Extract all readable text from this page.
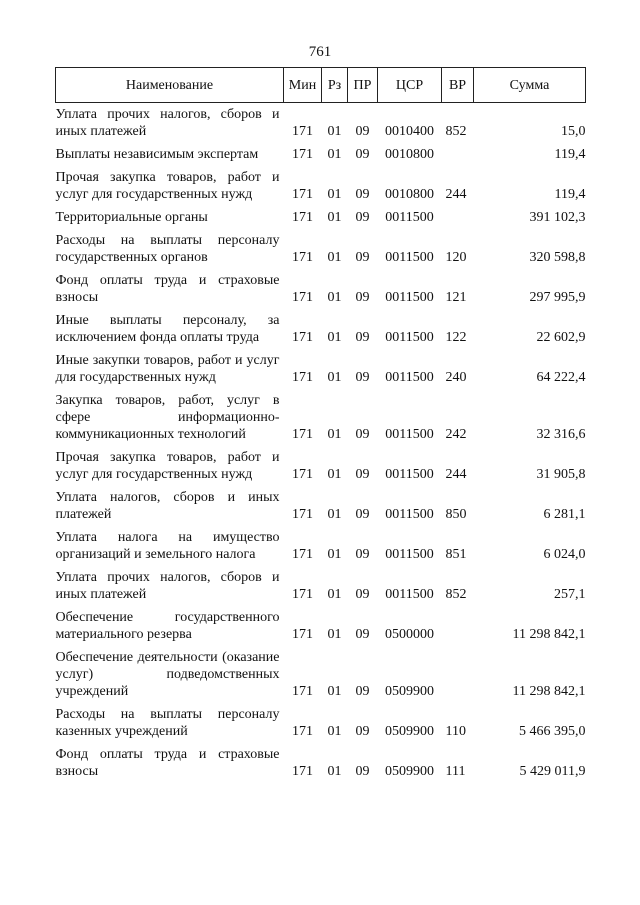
761
Наименование	Мин	Рз	ПР	ЦСР	ВР	Сумма
Уплата прочих налогов, сборов и иных платежей	171	01	09	0010400	852	15,0
Выплаты независимым экспертам	171	01	09	0010800		119,4
Прочая закупка товаров, работ и услуг для государственных нужд	171	01	09	0010800	244	119,4
Территориальные органы	171	01	09	0011500		391 102,3
Расходы на выплаты персоналу государственных органов	171	01	09	0011500	120	320 598,8
Фонд оплаты труда и страховые взносы	171	01	09	0011500	121	297 995,9
Иные выплаты персоналу, за исключением фонда оплаты труда	171	01	09	0011500	122	22 602,9
Иные закупки товаров, работ и услуг для государственных нужд	171	01	09	0011500	240	64 222,4
Закупка товаров, работ, услуг в сфере информационно-коммуникационных технологий	171	01	09	0011500	242	32 316,6
Прочая закупка товаров, работ и услуг для государственных нужд	171	01	09	0011500	244	31 905,8
Уплата налогов, сборов и иных платежей	171	01	09	0011500	850	6 281,1
Уплата налога на имущество организаций и земельного налога	171	01	09	0011500	851	6 024,0
Уплата прочих налогов, сборов и иных платежей	171	01	09	0011500	852	257,1
Обеспечение государственного материального резерва	171	01	09	0500000		11 298 842,1
Обеспечение деятельности (оказание услуг) подведомственных учреждений	171	01	09	0509900		11 298 842,1
Расходы на выплаты персоналу казенных учреждений	171	01	09	0509900	110	5 466 395,0
Фонд оплаты труда и страховые взносы	171	01	09	0509900	111	5 429 011,9
